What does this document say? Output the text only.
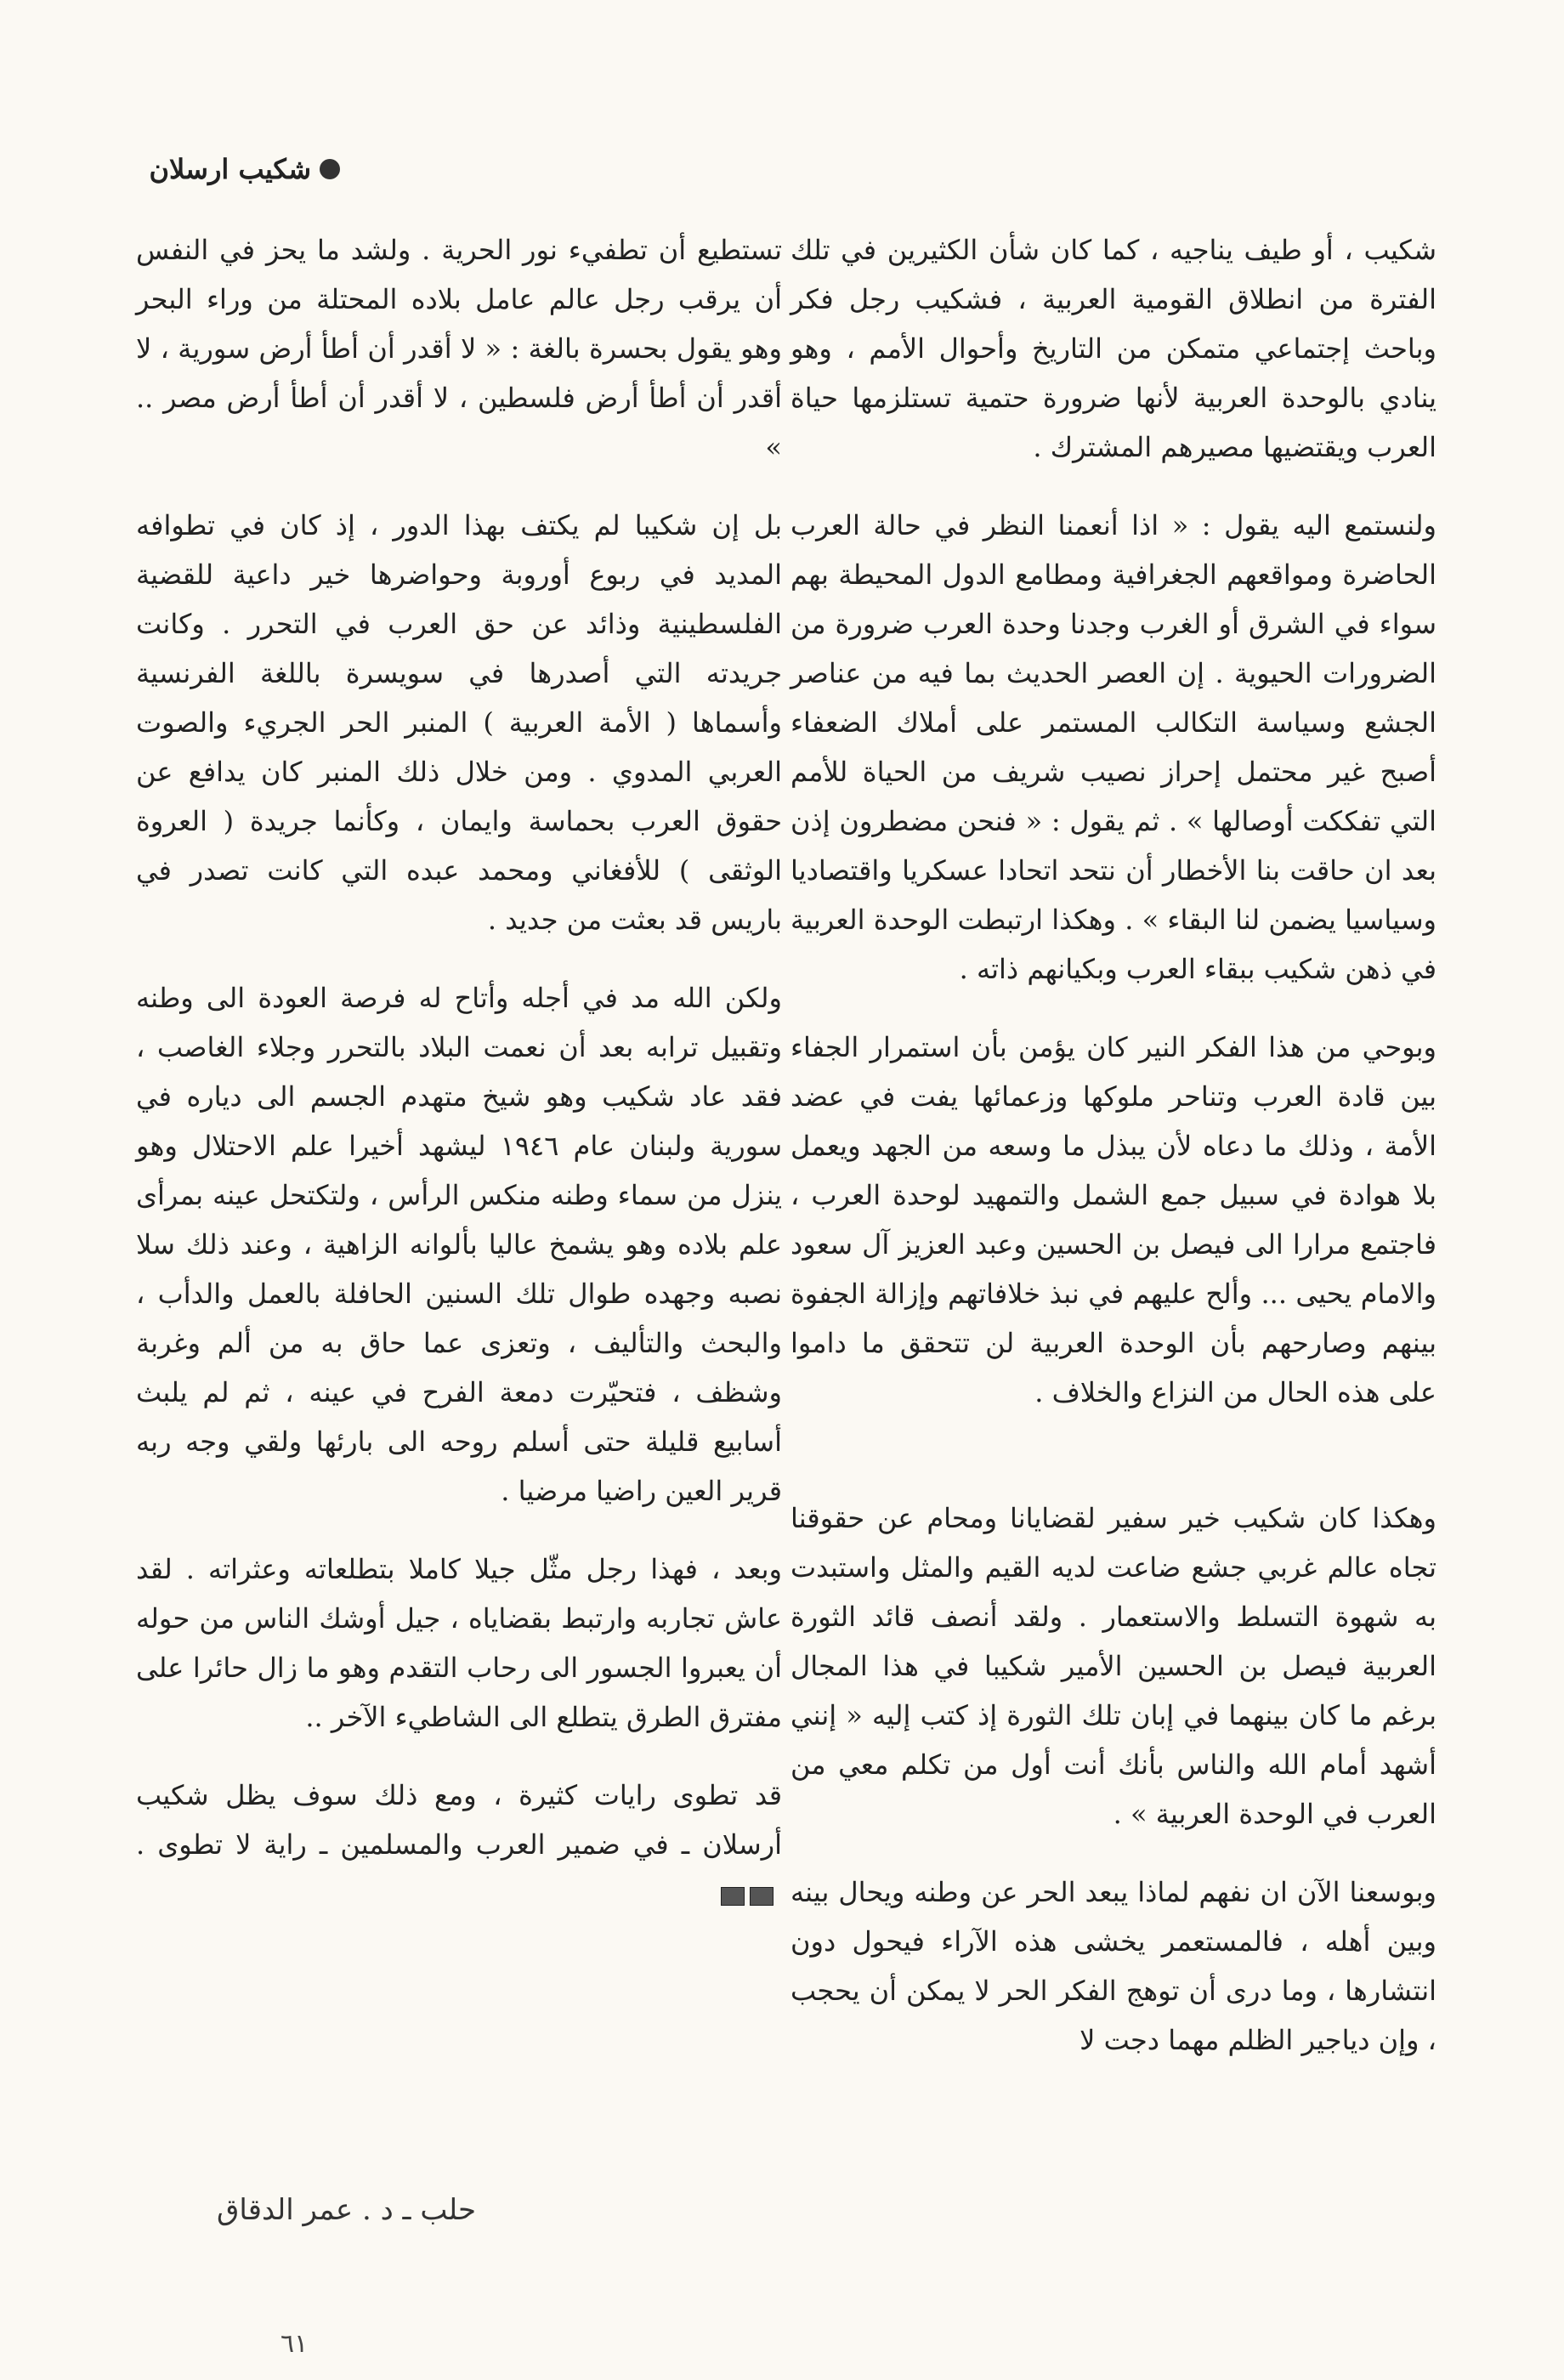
شكيب ارسلان

شكيب ، أو طيف يناجيه ، كما كان شأن الكثيرين في تلك الفترة من انطلاق القومية العربية ، فشكيب رجل فكر وباحث إجتماعي متمكن من التاريخ وأحوال الأمم ، وهو ينادي بالوحدة العربية لأنها ضرورة حتمية تستلزمها حياة العرب ويقتضيها مصيرهم المشترك .

ولنستمع اليه يقول : « اذا أنعمنا النظر في حالة العرب الحاضرة ومواقعهم الجغرافية ومطامع الدول المحيطة بهم سواء في الشرق أو الغرب وجدنا وحدة العرب ضرورة من الضرورات الحيوية . إن العصر الحديث بما فيه من عناصر الجشع وسياسة التكالب المستمر على أملاك الضعفاء أصبح غير محتمل إحراز نصيب شريف من الحياة للأمم التي تفككت أوصالها » . ثم يقول : « فنحن مضطرون إذن بعد ان حاقت بنا الأخطار أن نتحد اتحادا عسكريا واقتصاديا وسياسيا يضمن لنا البقاء » . وهكذا ارتبطت الوحدة العربية في ذهن شكيب ببقاء العرب وبكيانهم ذاته .

وبوحي من هذا الفكر النير كان يؤمن بأن استمرار الجفاء بين قادة العرب وتناحر ملوكها وزعمائها يفت في عضد الأمة ، وذلك ما دعاه لأن يبذل ما وسعه من الجهد ويعمل بلا هوادة في سبيل جمع الشمل والتمهيد لوحدة العرب ، فاجتمع مرارا الى فيصل بن الحسين وعبد العزيز آل سعود والامام يحيى ... وألح عليهم في نبذ خلافاتهم وإزالة الجفوة بينهم وصارحهم بأن الوحدة العربية لن تتحقق ما داموا على هذه الحال من النزاع والخلاف .

وهكذا كان شكيب خير سفير لقضايانا ومحام عن حقوقنا تجاه عالم غربي جشع ضاعت لديه القيم والمثل واستبدت به شهوة التسلط والاستعمار . ولقد أنصف قائد الثورة العربية فيصل بن الحسين الأمير شكيبا في هذا المجال برغم ما كان بينهما في إبان تلك الثورة إذ كتب إليه « إنني أشهد أمام الله والناس بأنك أنت أول من تكلم معي من العرب في الوحدة العربية » .

وبوسعنا الآن ان نفهم لماذا يبعد الحر عن وطنه ويحال بينه وبين أهله ، فالمستعمر يخشى هذه الآراء فيحول دون انتشارها ، وما درى أن توهج الفكر الحر لا يمكن أن يحجب ، وإن دياجير الظلم مهما دجت لا

تستطيع أن تطفيء نور الحرية . ولشد ما يحز في النفس أن يرقب رجل عالم عامل بلاده المحتلة من وراء البحر وهو يقول بحسرة بالغة : « لا أقدر أن أطأ أرض سورية ، لا أقدر أن أطأ أرض فلسطين ، لا أقدر أن أطأ أرض مصر .. »

بل إن شكيبا لم يكتف بهذا الدور ، إذ كان في تطوافه المديد في ربوع أوروبة وحواضرها خير داعية للقضية الفلسطينية وذائد عن حق العرب في التحرر . وكانت جريدته التي أصدرها في سويسرة باللغة الفرنسية وأسماها ( الأمة العربية ) المنبر الحر الجريء والصوت العربي المدوي . ومن خلال ذلك المنبر كان يدافع عن حقوق العرب بحماسة وايمان ، وكأنما جريدة ( العروة الوثقى ) للأفغاني ومحمد عبده التي كانت تصدر في باريس قد بعثت من جديد .

ولكن الله مد في أجله وأتاح له فرصة العودة الى وطنه وتقبيل ترابه بعد أن نعمت البلاد بالتحرر وجلاء الغاصب ، فقد عاد شكيب وهو شيخ متهدم الجسم الى دياره في سورية ولبنان عام ١٩٤٦ ليشهد أخيرا علم الاحتلال وهو ينزل من سماء وطنه منكس الرأس ، ولتكتحل عينه بمرأى علم بلاده وهو يشمخ عاليا بألوانه الزاهية ، وعند ذلك سلا نصبه وجهده طوال تلك السنين الحافلة بالعمل والدأب ، والبحث والتأليف ، وتعزى عما حاق به من ألم وغربة وشظف ، فتحيّرت دمعة الفرح في عينه ، ثم لم يلبث أسابيع قليلة حتى أسلم روحه الى بارئها ولقي وجه ربه قرير العين راضيا مرضيا .

وبعد ، فهذا رجل مثّل جيلا كاملا بتطلعاته وعثراته . لقد عاش تجاربه وارتبط بقضاياه ، جيل أوشك الناس من حوله أن يعبروا الجسور الى رحاب التقدم وهو ما زال حائرا على مفترق الطرق يتطلع الى الشاطيء الآخر ..

قد تطوى رايات كثيرة ، ومع ذلك سوف يظل شكيب أرسلان ـ في ضمير العرب والمسلمين ـ راية لا تطوى .

حلب ـ د . عمر الدقاق
٦١
